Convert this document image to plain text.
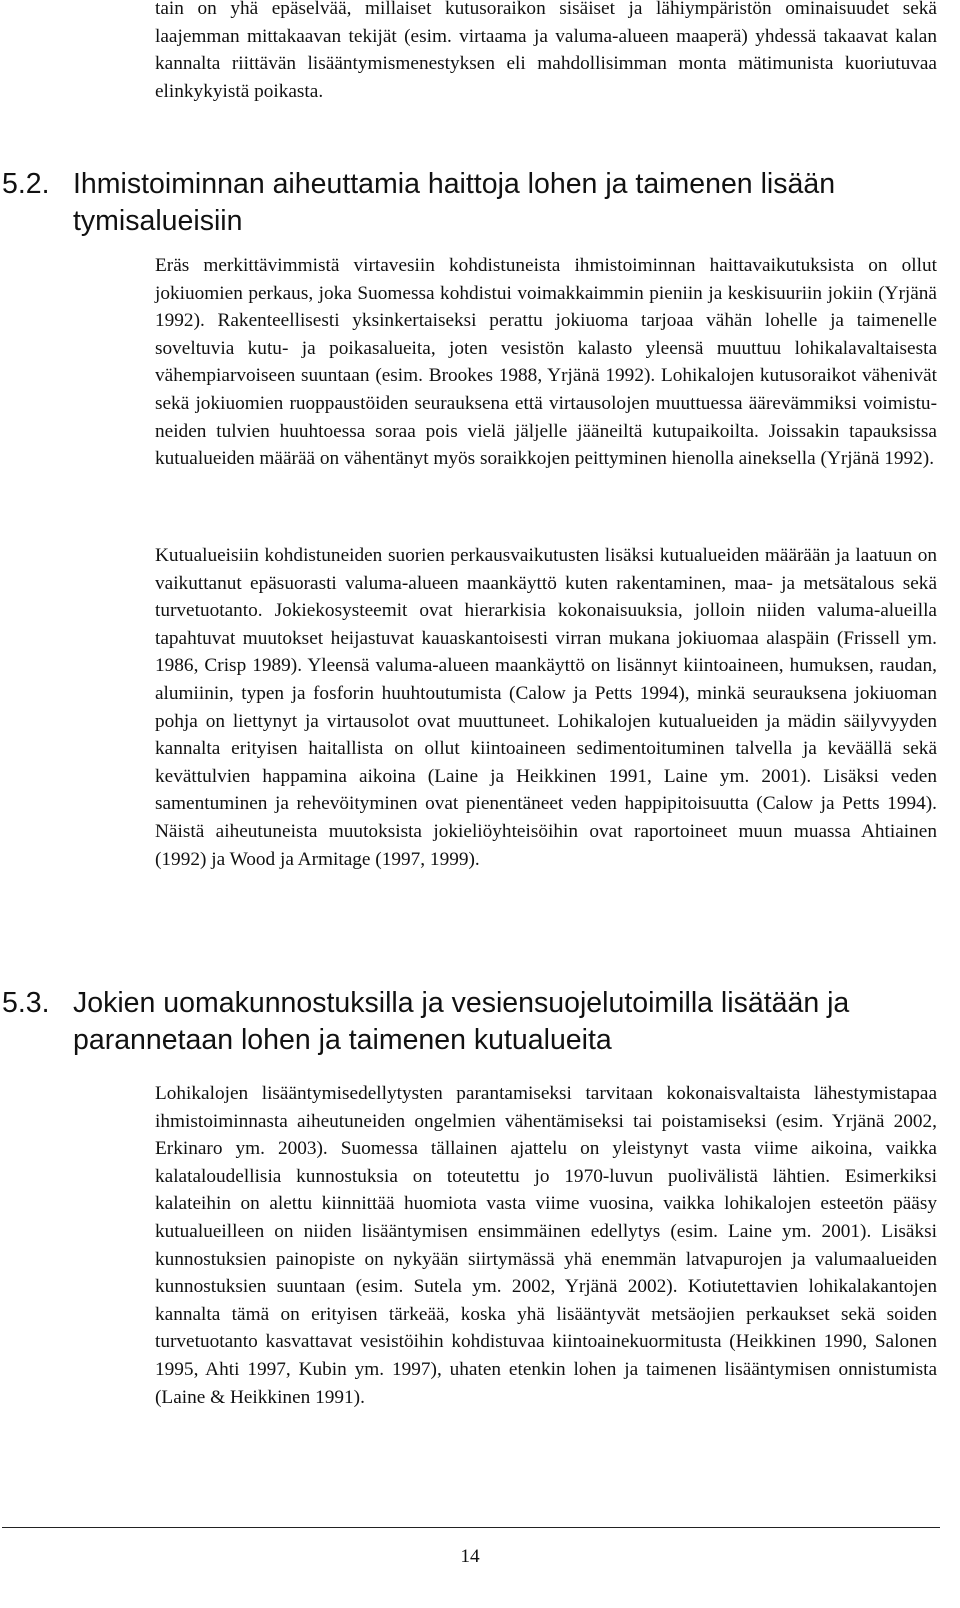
tain on yhä epäselvää, millaiset kutusoraikon sisäiset ja lähiympäristön ominaisuudet sekä laajemman mittakaavan tekijät (esim. virtaama ja valuma-alueen maaperä) yhdessä takaavat kalan kannalta riittävän lisääntymismenestyksen eli mahdollisimman monta mätimunista kuoriutuvaa elinkykyistä poikasta.

5.2. Ihmistoiminnan aiheuttamia haittoja lohen ja taimenen lisään
tymisalueisiin

Eräs merkittävimmistä virtavesiin kohdistuneista ihmistoiminnan haittavaikutuksista on ollut jokiuomien perkaus, joka Suomessa kohdistui voimakkaimmin pieniin ja keskisuuriin jokiin (Yrjänä 1992). Rakenteellisesti yksinkertaiseksi perattu jokiuoma tarjoaa vähän lohelle ja taimenelle soveltuvia kutu- ja poikasalueita, joten vesistön kalasto yleensä muuttuu lohikalavaltaisesta vähempiarvoiseen suuntaan (esim. Brookes 1988, Yrjänä 1992). Lohikalojen kutusoraikot vähenivät sekä jokiuomien ruoppaustöiden seurauksena että virtausolojen muuttuessa äärevämmiksi voimistuneiden tulvien huuhtoessa soraa pois vielä jäljelle jääneiltä kutupaikoilta. Joissakin tapauksissa kutualueiden määrää on vähentänyt myös soraikkojen peittyminen hienolla aineksella (Yrjänä 1992).

Kutualueisiin kohdistuneiden suorien perkausvaikutusten lisäksi kutualueiden määrään ja laatuun on vaikuttanut epäsuorasti valuma-alueen maankäyttö kuten rakentaminen, maa- ja metsätalous sekä turvetuotanto. Jokiekosysteemit ovat hierarkisia kokonaisuuksia, jolloin niiden valuma-alueilla tapahtuvat muutokset heijastuvat kauaskantoisesti virran mukana jokiuomaa alaspäin (Frissell ym. 1986, Crisp 1989). Yleensä valuma-alueen maankäyttö on lisännyt kiintoaineen, humuksen, raudan, alumiinin, typen ja fosforin huuhtoutumista (Calow ja Petts 1994), minkä seurauksena jokiuoman pohja on liettynyt ja virtausolot ovat muuttuneet. Lohikalojen kutualueiden ja mädin säilyvyyden kannalta erityisen haitallista on ollut kiintoaineen sedimentoituminen talvella ja keväällä sekä kevättulvien happamina aikoina (Laine ja Heikkinen 1991, Laine ym. 2001). Lisäksi veden samentuminen ja rehevöityminen ovat pienentäneet veden happipitoisuutta (Calow ja Petts 1994). Näistä aiheutuneista muutoksista jokieliöyhteisöihin ovat raportoineet muun muassa Ahtiainen (1992) ja Wood ja Armitage (1997, 1999).

5.3. Jokien uomakunnostuksilla ja vesiensuojelutoimilla lisätään ja
parannetaan lohen ja taimenen kutualueita

Lohikalojen lisääntymisedellytysten parantamiseksi tarvitaan kokonaisvaltaista lähestymistapaa ihmistoiminnasta aiheutuneiden ongelmien vähentämiseksi tai poistamiseksi (esim. Yrjänä 2002, Erkinaro ym. 2003). Suomessa tällainen ajattelu on yleistynyt vasta viime aikoina, vaikka kalataloudellisia kunnostuksia on toteutettu jo 1970-luvun puolivälistä lähtien. Esimerkiksi kalateihin on alettu kiinnittää huomiota vasta viime vuosina, vaikka lohikalojen esteetön pääsy kutualueilleen on niiden lisääntymisen ensimmäinen edellytys (esim. Laine ym. 2001). Lisäksi kunnostuksien painopiste on nykyään siirtymässä yhä enemmän latvapurojen ja valumaalueiden kunnostuksien suuntaan (esim. Sutela ym. 2002, Yrjänä 2002). Kotiutettavien lohikalakantojen kannalta tämä on erityisen tärkeää, koska yhä lisääntyvät metsäojien perkaukset sekä soiden turvetuotanto kasvattavat vesistöihin kohdistuvaa kiintoainekuormitusta (Heikkinen 1990, Salonen 1995, Ahti 1997, Kubin ym. 1997), uhaten etenkin lohen ja taimenen lisääntymisen onnistumista (Laine & Heikkinen 1991).

14
